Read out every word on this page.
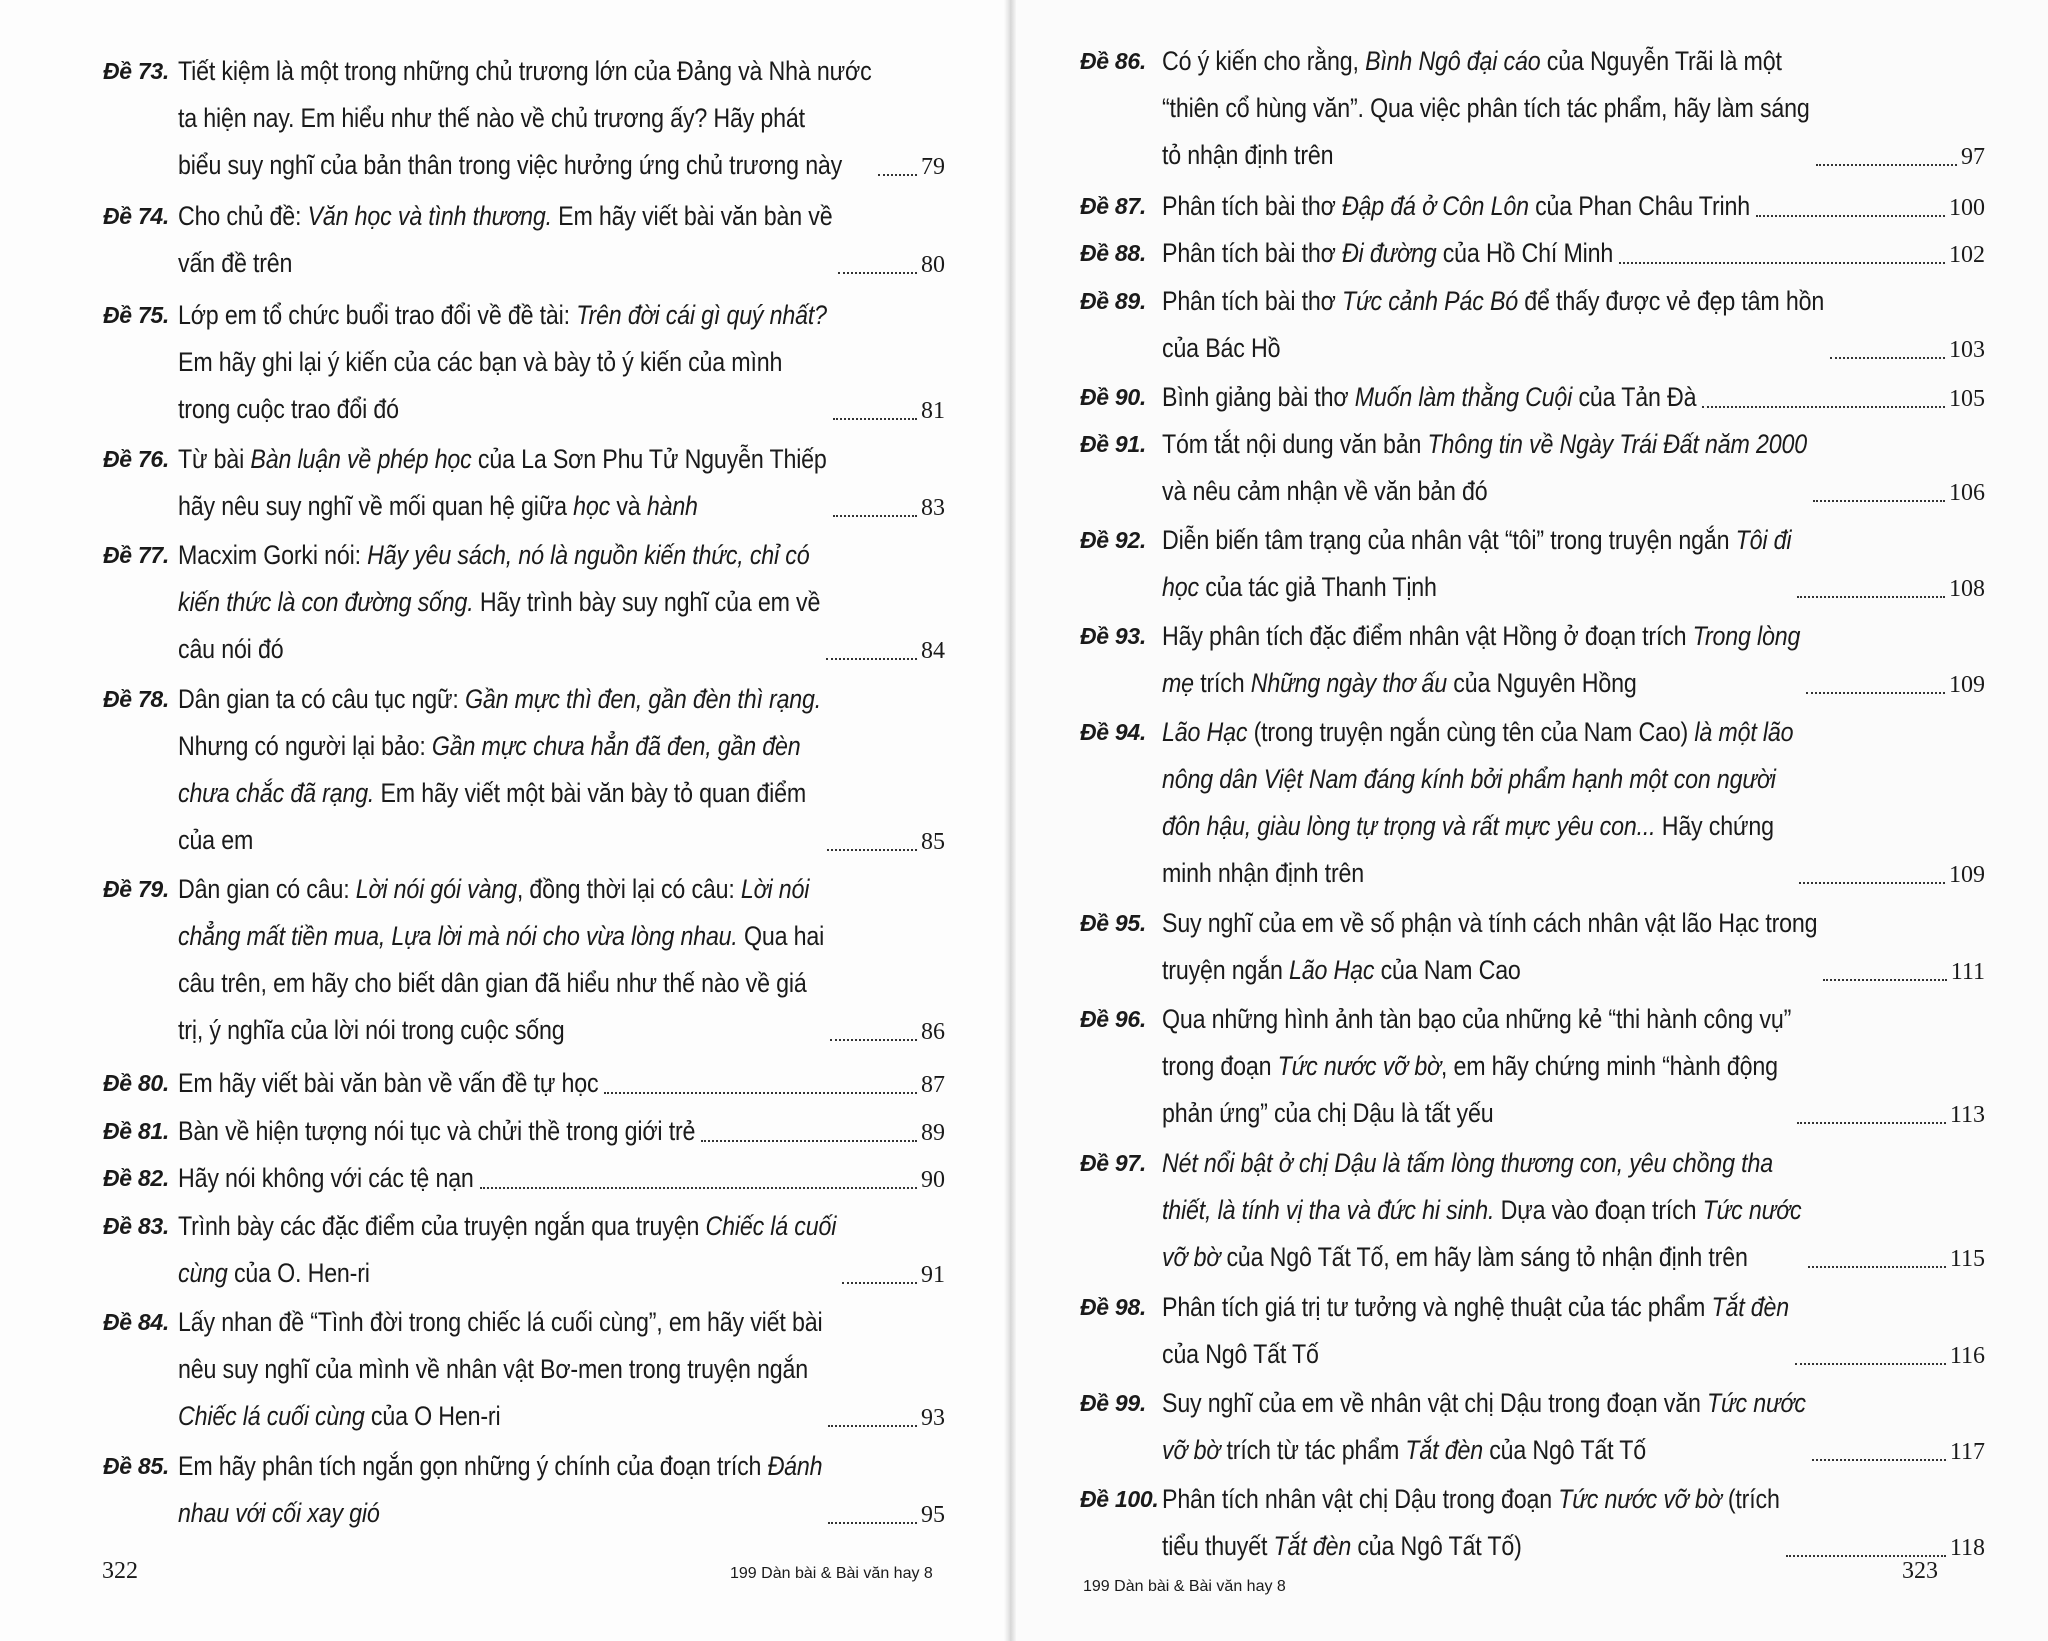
322	199 Dàn bài & Bài văn hay 8
Đề 73. Tiết kiệm là một trong những chủ trương lớn của Đảng và Nhà nước
ta hiện nay. Em hiểu như thế nào về chủ trương ấy? Hãy phát
biểu suy nghĩ của bản thân trong việc hưởng ứng chủ trương này	79
Đề 74. Cho chủ đề: Văn học và tình thương. Em hãy viết bài văn bàn về
vấn đề trên	80
Đề 75. Lớp em tổ chức buổi trao đổi về đề tài: Trên đời cái gì quý nhất?
Em hãy ghi lại ý kiến của các bạn và bày tỏ ý kiến của mình
trong cuộc trao đổi đó	81
Đề 76. Từ bài Bàn luận về phép học của La Sơn Phu Tử Nguyễn Thiếp
hãy nêu suy nghĩ về mối quan hệ giữa học và hành	83
Đề 77. Macxim Gorki nói: Hãy yêu sách, nó là nguồn kiến thức, chỉ có
kiến thức là con đường sống. Hãy trình bày suy nghĩ của em về
câu nói đó	84
Đề 78. Dân gian ta có câu tục ngữ: Gần mực thì đen, gần đèn thì rạng.
Nhưng có người lại bảo: Gần mực chưa hẳn đã đen, gần đèn
chưa chắc đã rạng. Em hãy viết một bài văn bày tỏ quan điểm
của em	85
Đề 79. Dân gian có câu: Lời nói gói vàng, đồng thời lại có câu: Lời nói
chẳng mất tiền mua, Lựa lời mà nói cho vừa lòng nhau. Qua hai
câu trên, em hãy cho biết dân gian đã hiểu như thế nào về giá
trị, ý nghĩa của lời nói trong cuộc sống	86
Đề 80. Em hãy viết bài văn bàn về vấn đề tự học	87
Đề 81. Bàn về hiện tượng nói tục và chửi thề trong giới trẻ	89
Đề 82. Hãy nói không với các tệ nạn	90
Đề 83. Trình bày các đặc điểm của truyện ngắn qua truyện Chiếc lá cuối
cùng của O. Hen-ri	91
Đề 84. Lấy nhan đề “Tình đời trong chiếc lá cuối cùng”, em hãy viết bài
nêu suy nghĩ của mình về nhân vật Bơ-men trong truyện ngắn
Chiếc lá cuối cùng của O Hen-ri	93
Đề 85. Em hãy phân tích ngắn gọn những ý chính của đoạn trích Đánh
nhau với cối xay gió	95
199 Dàn bài & Bài văn hay 8
323
Đề 86. Có ý kiến cho rằng, Bình Ngô đại cáo của Nguyễn Trãi là một
“thiên cổ hùng văn”. Qua việc phân tích tác phẩm, hãy làm sáng
tỏ nhận định trên	97
Đề 87. Phân tích bài thơ Đập đá ở Côn Lôn của Phan Châu Trinh	100
Đề 88. Phân tích bài thơ Đi đường của Hồ Chí Minh	102
Đề 89. Phân tích bài thơ Tức cảnh Pác Bó để thấy được vẻ đẹp tâm hồn
của Bác Hồ	103
Đề 90. Bình giảng bài thơ Muốn làm thằng Cuội của Tản Đà	105
Đề 91. Tóm tắt nội dung văn bản Thông tin về Ngày Trái Đất năm 2000
và nêu cảm nhận về văn bản đó	106
Đề 92. Diễn biến tâm trạng của nhân vật “tôi” trong truyện ngắn Tôi đi
học của tác giả Thanh Tịnh	108
Đề 93. Hãy phân tích đặc điểm nhân vật Hồng ở đoạn trích Trong lòng
mẹ trích Những ngày thơ ấu của Nguyên Hồng	109
Đề 94. Lão Hạc (trong truyện ngắn cùng tên của Nam Cao) là một lão
nông dân Việt Nam đáng kính bởi phẩm hạnh một con người
đôn hậu, giàu lòng tự trọng và rất mực yêu con... Hãy chứng
minh nhận định trên	109
Đề 95. Suy nghĩ của em về số phận và tính cách nhân vật lão Hạc trong
truyện ngắn Lão Hạc của Nam Cao	111
Đề 96. Qua những hình ảnh tàn bạo của những kẻ “thi hành công vụ”
trong đoạn Tức nước vỡ bờ, em hãy chứng minh “hành động
phản ứng” của chị Dậu là tất yếu	113
Đề 97. Nét nổi bật ở chị Dậu là tấm lòng thương con, yêu chồng tha
thiết, là tính vị tha và đức hi sinh. Dựa vào đoạn trích Tức nước
vỡ bờ của Ngô Tất Tố, em hãy làm sáng tỏ nhận định trên	115
Đề 98. Phân tích giá trị tư tưởng và nghệ thuật của tác phẩm Tắt đèn
của Ngô Tất Tố	116
Đề 99. Suy nghĩ của em về nhân vật chị Dậu trong đoạn văn Tức nước
vỡ bờ trích từ tác phẩm Tắt đèn của Ngô Tất Tố	117
Đề 100. Phân tích nhân vật chị Dậu trong đoạn Tức nước vỡ bờ (trích
tiểu thuyết Tắt đèn của Ngô Tất Tố)	118
